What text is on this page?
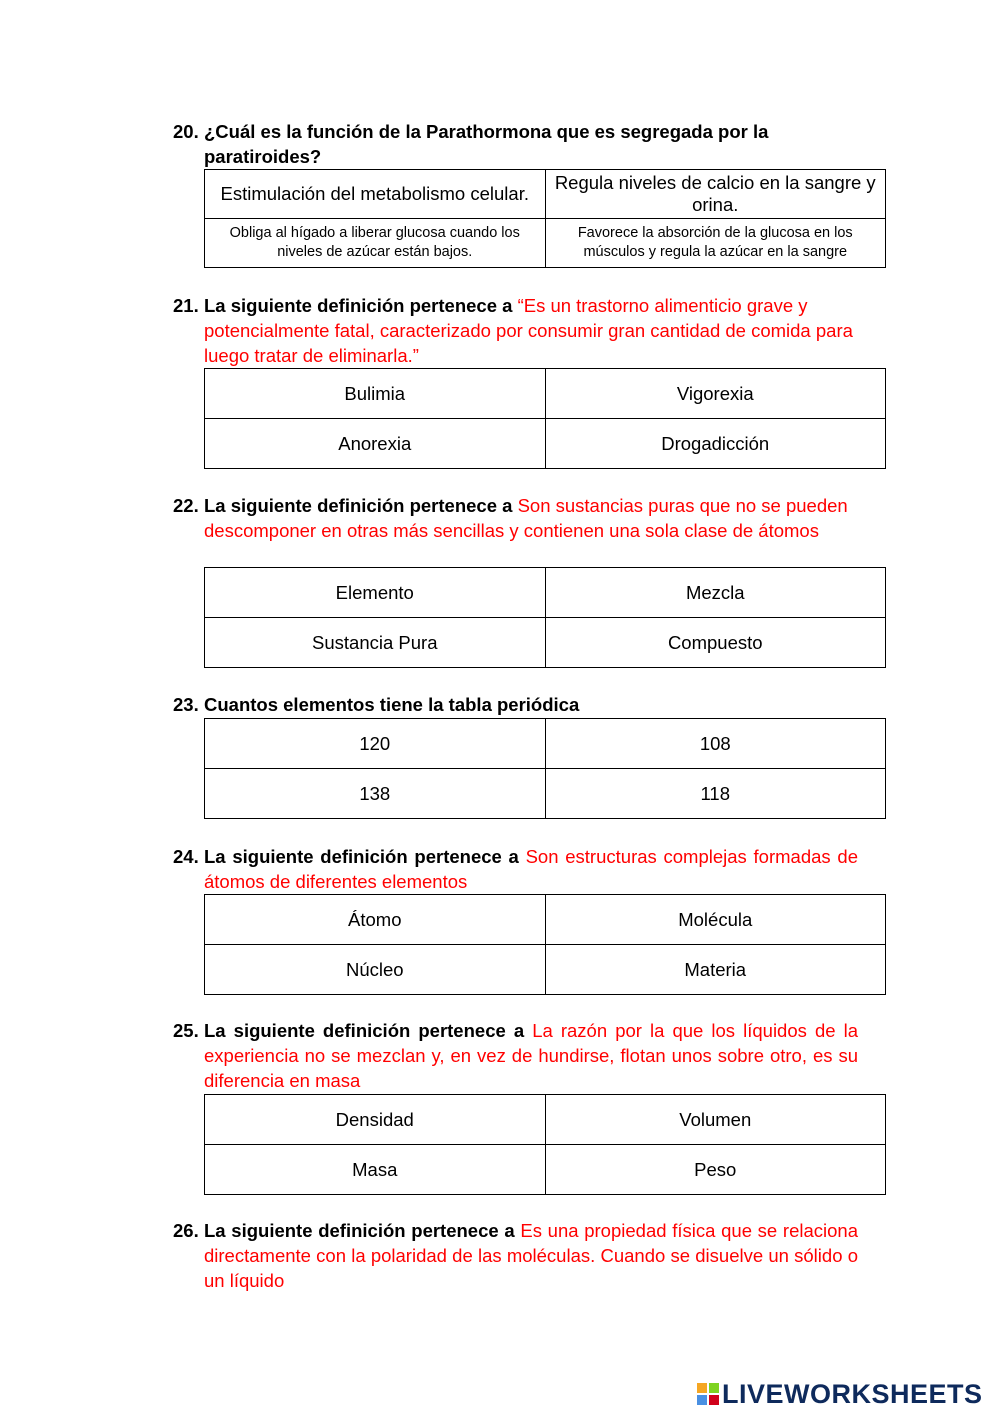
20. ¿Cuál es la función de la Parathormona que es segregada por la paratiroides?
Estimulación del metabolismo celular.	Regula niveles de calcio en la sangre y orina.
Obliga al hígado a liberar glucosa cuando los niveles de azúcar están bajos.	Favorece la absorción de la glucosa en los músculos y regula la azúcar en la sangre
21. La siguiente definición pertenece a “Es un trastorno alimenticio grave y potencialmente fatal, caracterizado por consumir gran cantidad de comida para luego tratar de eliminarla.”
Bulimia	Vigorexia
Anorexia	Drogadicción
22. La siguiente definición pertenece a Son sustancias puras que no se pueden descomponer en otras más sencillas y contienen una sola clase de átomos
Elemento	Mezcla
Sustancia Pura	Compuesto
23. Cuantos elementos tiene la tabla periódica
120	108
138	118
24. La siguiente definición pertenece a Son estructuras complejas formadas de átomos de diferentes elementos
Átomo	Molécula
Núcleo	Materia
25. La siguiente definición pertenece a La razón por la que los líquidos de la experiencia no se mezclan y, en vez de hundirse, flotan unos sobre otro, es su diferencia en masa
Densidad	Volumen
Masa	Peso
26. La siguiente definición pertenece a Es una propiedad física que se relaciona directamente con la polaridad de las moléculas. Cuando se disuelve un sólido o un líquido
LIVEWORKSHEETS
